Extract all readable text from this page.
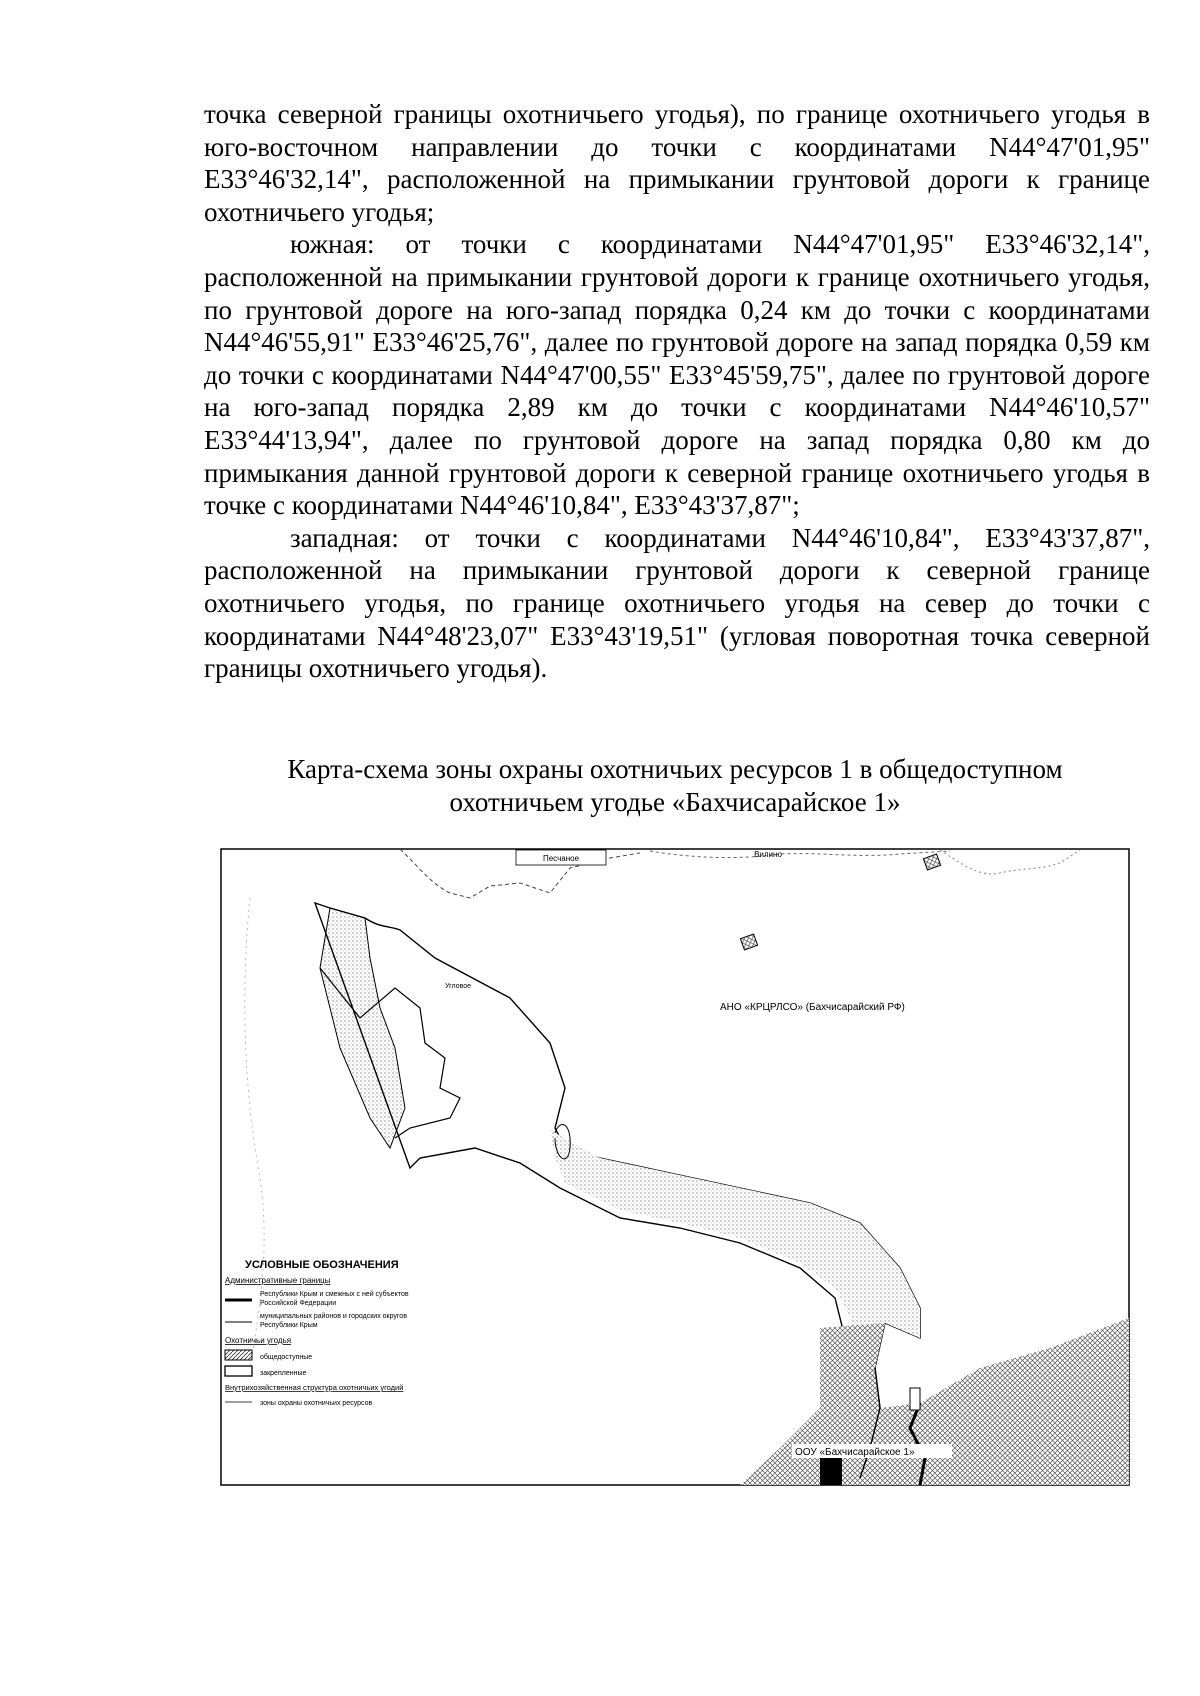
точка северной границы охотничьего угодья), по границе охотничьего угодья в юго-восточном направлении до точки с координатами N44°47'01,95" E33°46'32,14", расположенной на примыкании грунтовой дороги к границе охотничьего угодья;

южная: от точки с координатами N44°47'01,95" E33°46'32,14", расположенной на примыкании грунтовой дороги к границе охотничьего угодья, по грунтовой дороге на юго-запад порядка 0,24 км до точки с координатами N44°46'55,91" E33°46'25,76", далее по грунтовой дороге на запад порядка 0,59 км до точки с координатами N44°47'00,55" E33°45'59,75", далее по грунтовой дороге на юго-запад порядка 2,89 км до точки с координатами N44°46'10,57" E33°44'13,94", далее по грунтовой дороге на запад порядка 0,80 км до примыкания данной грунтовой дороги к северной границе охотничьего угодья в точке с координатами N44°46'10,84", E33°43'37,87";

западная: от точки с координатами N44°46'10,84", E33°43'37,87", расположенной на примыкании грунтовой дороги к северной границе охотничьего угодья, по границе охотничьего угодья на север до точки с координатами N44°48'23,07" E33°43'19,51" (угловая поворотная точка северной границы охотничьего угодья).

Карта-схема зоны охраны охотничьих ресурсов 1 в общедоступном
охотничьем угодье «Бахчисарайское 1»
Песчаное	Вилино
Угловое
АНО «КРЦРЛСО» (Бахчисарайский РФ)
ООУ «Бахчисарайское 1»
УСЛОВНЫЕ ОБОЗНАЧЕНИЯ
Административные границы
Республики Крым и смежных с ней субъектов
Российской Федерации
муниципальных районов и городских округов
Республики Крым
Охотничьи угодья
общедоступные
закрепленные
Внутрихозяйственная структура охотничьих угодий
зоны охраны охотничьих ресурсов
